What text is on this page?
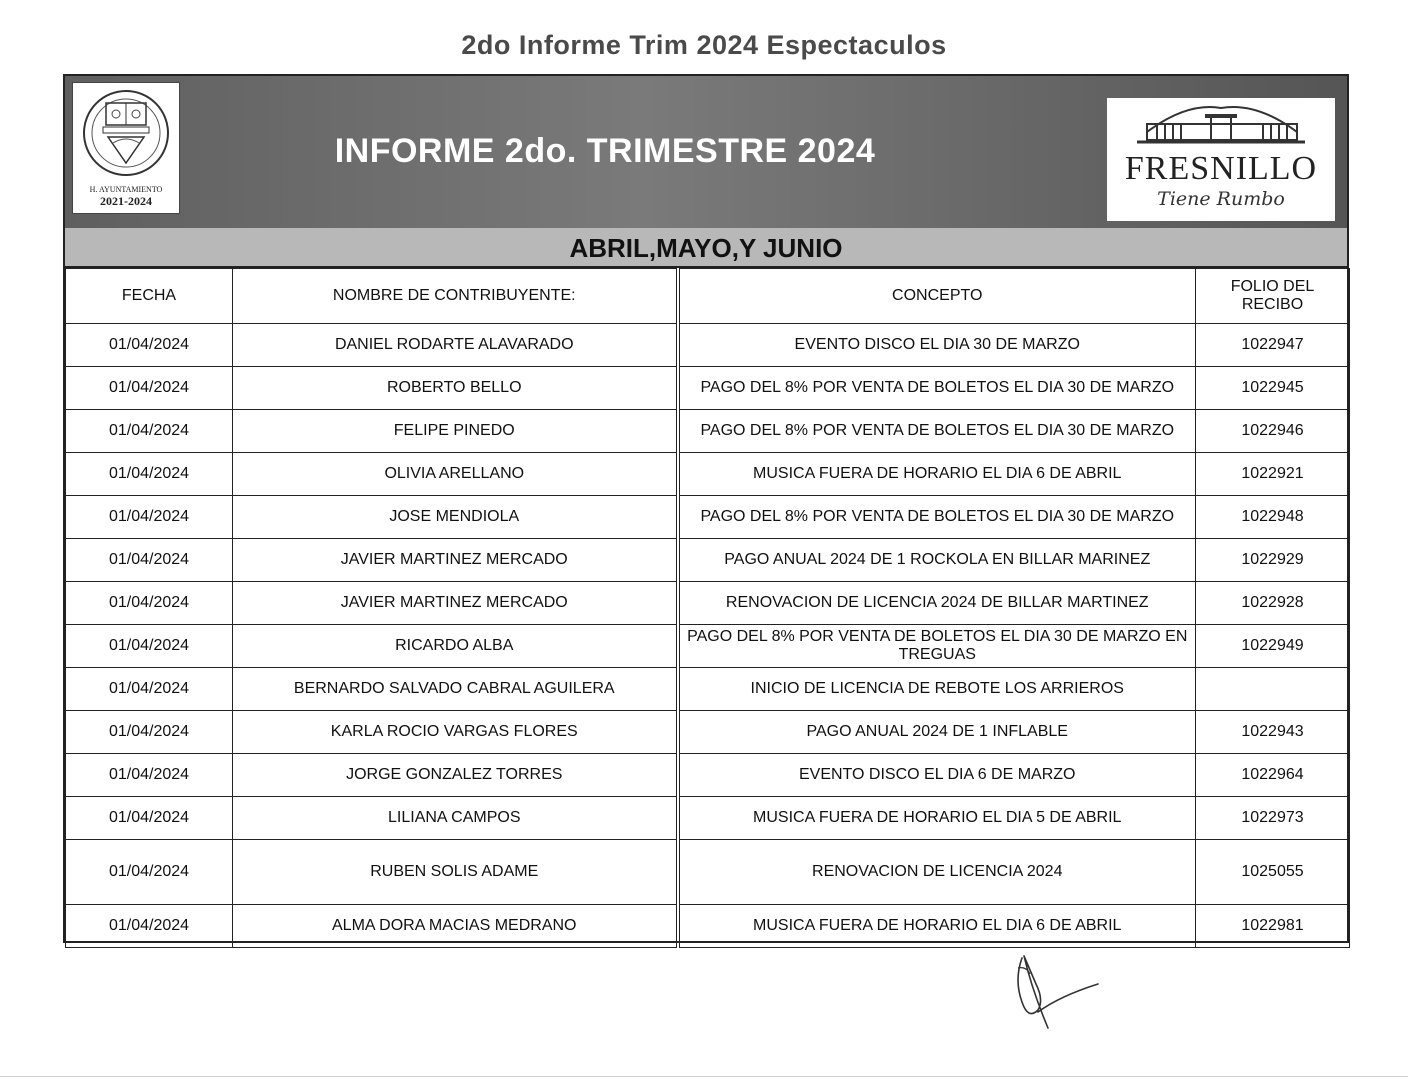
2do Informe Trim 2024 Espectaculos
H. AYUNTAMIENTO
2021-2024
INFORME 2do. TRIMESTRE 2024	FRESNILLO
Tiene Rumbo
ABRIL,MAYO,Y JUNIO
FECHA	NOMBRE DE CONTRIBUYENTE:	CONCEPTO	FOLIO DEL RECIBO
01/04/2024	DANIEL RODARTE ALAVARADO	EVENTO DISCO EL DIA 30 DE MARZO	1022947
01/04/2024	ROBERTO BELLO	PAGO DEL 8% POR VENTA DE BOLETOS EL DIA 30 DE MARZO	1022945
01/04/2024	FELIPE PINEDO	PAGO DEL 8% POR VENTA DE BOLETOS EL DIA 30 DE MARZO	1022946
01/04/2024	OLIVIA ARELLANO	MUSICA FUERA DE HORARIO EL DIA 6 DE ABRIL	1022921
01/04/2024	JOSE MENDIOLA	PAGO DEL 8% POR VENTA DE BOLETOS EL DIA 30 DE MARZO	1022948
01/04/2024	JAVIER MARTINEZ MERCADO	PAGO ANUAL 2024 DE 1 ROCKOLA EN BILLAR MARINEZ	1022929
01/04/2024	JAVIER MARTINEZ MERCADO	RENOVACION DE LICENCIA 2024 DE BILLAR MARTINEZ	1022928
01/04/2024	RICARDO ALBA	PAGO DEL 8% POR VENTA DE BOLETOS EL DIA 30 DE MARZO EN TREGUAS	1022949
01/04/2024	BERNARDO SALVADO CABRAL AGUILERA	INICIO DE LICENCIA DE REBOTE LOS ARRIEROS	
01/04/2024	KARLA ROCIO VARGAS FLORES	PAGO ANUAL 2024 DE 1 INFLABLE	1022943
01/04/2024	JORGE GONZALEZ TORRES	EVENTO DISCO EL DIA 6 DE MARZO	1022964
01/04/2024	LILIANA CAMPOS	MUSICA FUERA DE HORARIO EL DIA 5 DE ABRIL	1022973
01/04/2024	RUBEN SOLIS ADAME	RENOVACION DE LICENCIA 2024	1025055
01/04/2024	ALMA DORA MACIAS MEDRANO	MUSICA FUERA DE HORARIO EL DIA 6 DE ABRIL	1022981
